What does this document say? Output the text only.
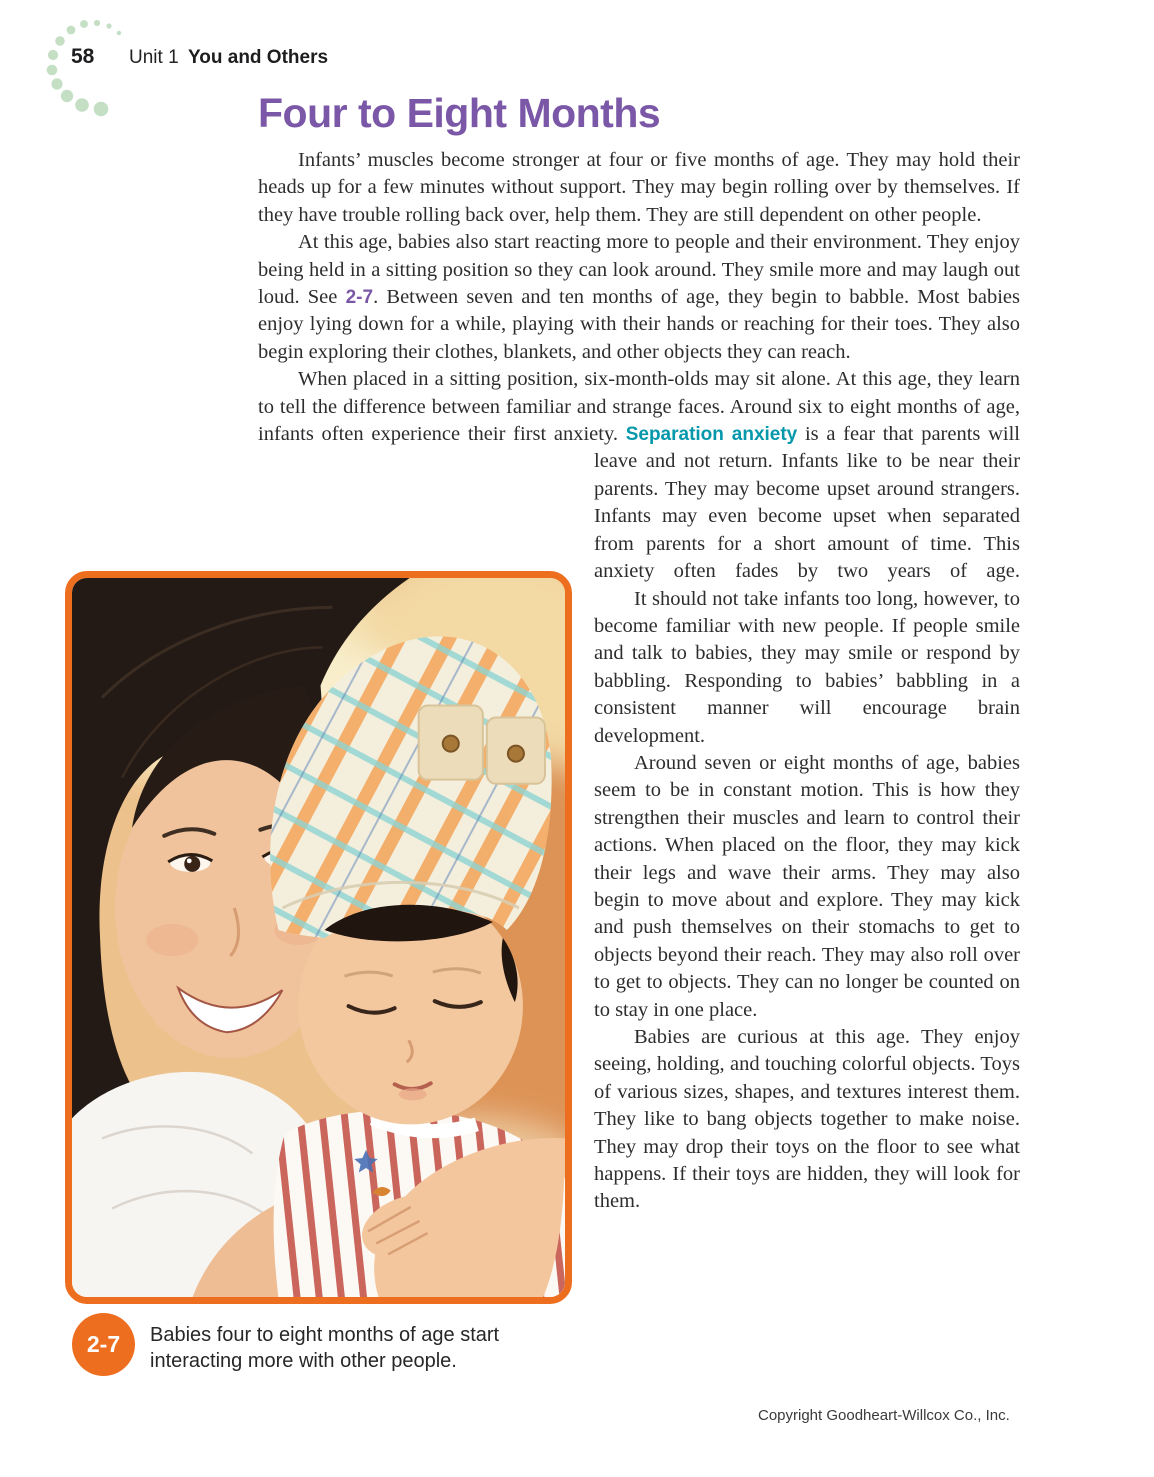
58 Unit 1 You and Others
Four to Eight Months

Infants’ muscles become stronger at four or five months of age. They may hold their heads up for a few minutes without support. They may begin rolling over by themselves. If they have trouble rolling back over, help them. They are still dependent on other people.

At this age, babies also start reacting more to people and their environment. They enjoy being held in a sitting position so they can look around. They smile more and may laugh out loud. See 2-7. Between seven and ten months of age, they begin to babble. Most babies enjoy lying down for a while, playing with their hands or reaching for their toes. They also begin exploring their clothes, blankets, and other objects they can reach.

When placed in a sitting position, six-month-olds may sit alone. At this age, they learn to tell the difference between familiar and strange faces. Around six to eight months of age, infants often experience their first anxiety. Separation anxiety is a fear that parents will leave and not return. Infants like to be near their parents. They may become upset around strangers. Infants may even become upset when separated from parents for a short amount of time. This anxiety often fades by two years of age.

It should not take infants too long, however, to become familiar with new people. If people smile and talk to babies, they may smile or respond by babbling. Responding to babies’ babbling in a consistent manner will encourage brain development.

Around seven or eight months of age, babies seem to be in constant motion. This is how they strengthen their muscles and learn to control their actions. When placed on the floor, they may kick their legs and wave their arms. They may also begin to move about and explore. They may kick and push themselves on their stomachs to get to objects beyond their reach. They may also roll over to get to objects. They can no longer be counted on to stay in one place.

Babies are curious at this age. They enjoy seeing, holding, and touching colorful objects. Toys of various sizes, shapes, and textures interest them. They like to bang objects together to make noise. They may drop their toys on the floor to see what happens. If their toys are hidden, they will look for them.

2-7	Babies four to eight months of age start interacting more with other people.
Copyright Goodheart-Willcox Co., Inc.
